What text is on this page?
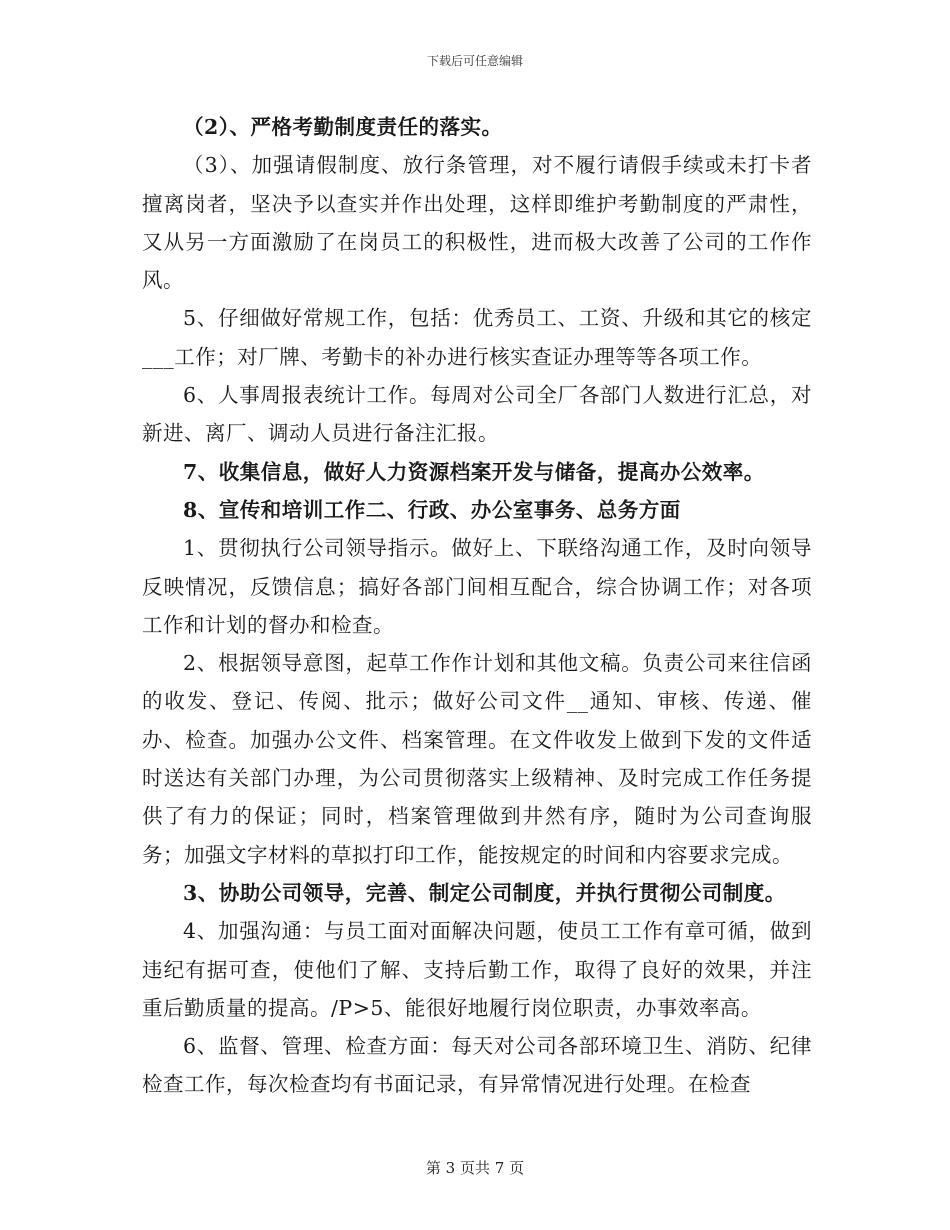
下载后可任意编辑

（2）、严格考勤制度责任的落实。

（3）、加强请假制度、放行条管理，对不履行请假手续或未打卡者擅离岗者，坚决予以查实并作出处理，这样即维护考勤制度的严肃性，又从另一方面激励了在岗员工的积极性，进而极大改善了公司的工作作风。

5、仔细做好常规工作，包括：优秀员工、工资、升级和其它的核定___工作；对厂牌、考勤卡的补办进行核实查证办理等等各项工作。

6、人事周报表统计工作。每周对公司全厂各部门人数进行汇总，对新进、离厂、调动人员进行备注汇报。

7、收集信息，做好人力资源档案开发与储备，提高办公效率。

8、宣传和培训工作二、行政、办公室事务、总务方面

1、贯彻执行公司领导指示。做好上、下联络沟通工作，及时向领导反映情况，反馈信息；搞好各部门间相互配合，综合协调工作；对各项工作和计划的督办和检查。

2、根据领导意图，起草工作作计划和其他文稿。负责公司来往信函的收发、登记、传阅、批示；做好公司文件__通知、审核、传递、催办、检查。加强办公文件、档案管理。在文件收发上做到下发的文件适时送达有关部门办理，为公司贯彻落实上级精神、及时完成工作任务提供了有力的保证；同时，档案管理做到井然有序，随时为公司查询服务；加强文字材料的草拟打印工作，能按规定的时间和内容要求完成。

3、协助公司领导，完善、制定公司制度，并执行贯彻公司制度。

4、加强沟通：与员工面对面解决问题，使员工工作有章可循，做到违纪有据可查，使他们了解、支持后勤工作，取得了良好的效果，并注重后勤质量的提高。/P>5、能很好地履行岗位职责，办事效率高。

6、监督、管理、检查方面：每天对公司各部环境卫生、消防、纪律检查工作，每次检查均有书面记录，有异常情况进行处理。在检查

第 3 页共 7 页
